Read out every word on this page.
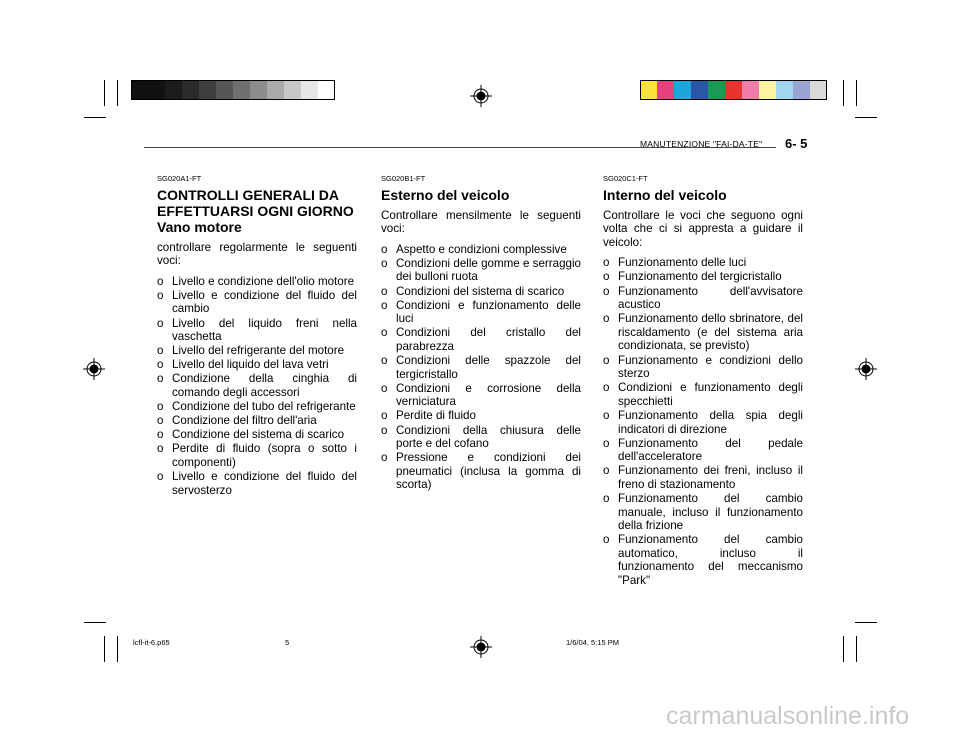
MANUTENZIONE "FAI-DA-TE" 6- 5
SG020A1-FT
CONTROLLI GENERALI DA EFFETTUARSI OGNI GIORNO
Vano motore
controllare regolarmente le seguenti voci:
o Livello e condizione dell'olio motore
o Livello e condizione del fluido del cambio
o Livello del liquido freni nella vaschetta
o Livello del refrigerante del motore
o Livello del liquido del lava vetri
o Condizione della cinghia di comando degli accessori
o Condizione del tubo del refrigerante
o Condizione del filtro dell'aria
o Condizione del sistema di scarico
o Perdite di fluido (sopra o sotto i componenti)
o Livello e condizione del fluido del servosterzo
SG020B1-FT
Esterno del veicolo
Controllare mensilmente le seguenti voci:
o Aspetto e condizioni complessive
o Condizioni delle gomme e serraggio dei bulloni ruota
o Condizioni del sistema di scarico
o Condizioni e funzionamento delle luci
o Condizioni del cristallo del parabrezza
o Condizioni delle spazzole del tergicristallo
o Condizioni e corrosione della verniciatura
o Perdite di fluido
o Condizioni della chiusura delle porte e del cofano
o Pressione e condizioni dei pneumatici (inclusa la gomma di scorta)
SG020C1-FT
Interno del veicolo
Controllare le voci che seguono ogni volta che ci si appresta a guidare il veicolo:
o Funzionamento delle luci
o Funzionamento del tergicristallo
o Funzionamento dell'avvisatore acustico
o Funzionamento dello sbrinatore, del riscaldamento (e del sistema aria condizionata, se previsto)
o Funzionamento e condizioni dello sterzo
o Condizioni e funzionamento degli specchietti
o Funzionamento della spia degli indicatori di direzione
o Funzionamento del pedale dell'acceleratore
o Funzionamento dei freni, incluso il freno di stazionamento
o Funzionamento del cambio manuale, incluso il funzionamento della frizione
o Funzionamento del cambio automatico, incluso il funzionamento del meccanismo "Park"
lcfl-it-6.p65	5	1/6/04, 5:15 PM
carmanualsonline.info
